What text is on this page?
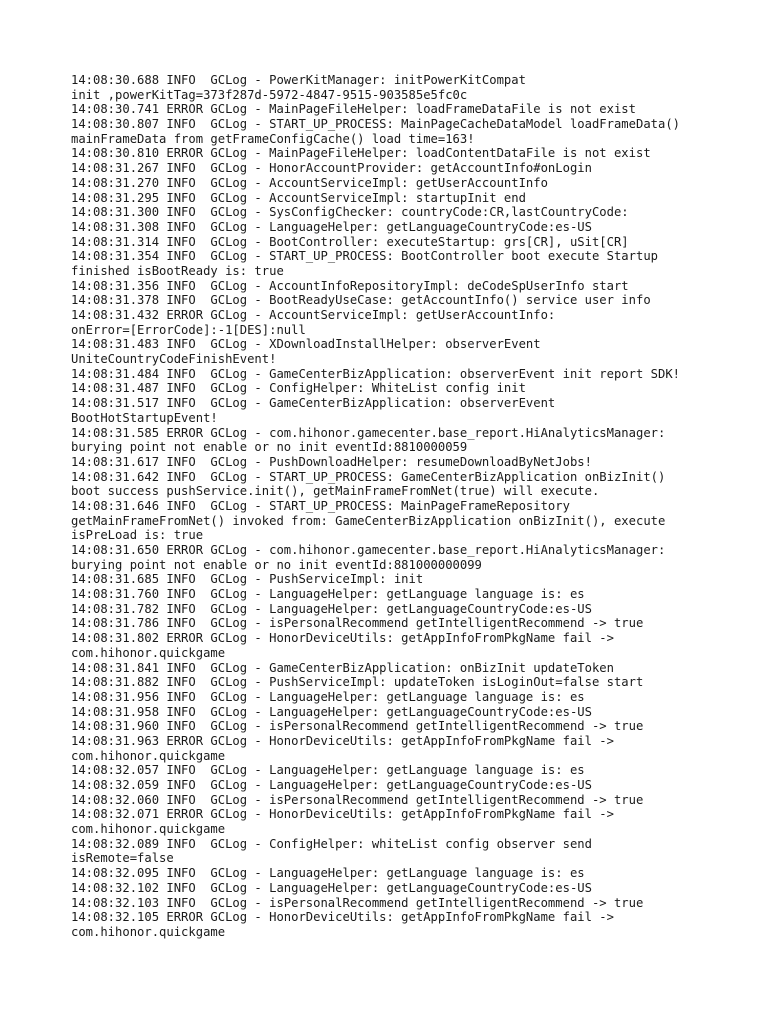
14:08:30.688 INFO  GCLog - PowerKitManager: initPowerKitCompat
init ,powerKitTag=373f287d-5972-4847-9515-903585e5fc0c
14:08:30.741 ERROR GCLog - MainPageFileHelper: loadFrameDataFile is not exist
14:08:30.807 INFO  GCLog - START_UP_PROCESS: MainPageCacheDataModel loadFrameData()
mainFrameData from getFrameConfigCache() load time=163!
14:08:30.810 ERROR GCLog - MainPageFileHelper: loadContentDataFile is not exist
14:08:31.267 INFO  GCLog - HonorAccountProvider: getAccountInfo#onLogin
14:08:31.270 INFO  GCLog - AccountServiceImpl: getUserAccountInfo
14:08:31.295 INFO  GCLog - AccountServiceImpl: startupInit end
14:08:31.300 INFO  GCLog - SysConfigChecker: countryCode:CR,lastCountryCode:
14:08:31.308 INFO  GCLog - LanguageHelper: getLanguageCountryCode:es-US
14:08:31.314 INFO  GCLog - BootController: executeStartup: grs[CR], uSit[CR]
14:08:31.354 INFO  GCLog - START_UP_PROCESS: BootController boot execute Startup
finished isBootReady is: true
14:08:31.356 INFO  GCLog - AccountInfoRepositoryImpl: deCodeSpUserInfo start
14:08:31.378 INFO  GCLog - BootReadyUseCase: getAccountInfo() service user info
14:08:31.432 ERROR GCLog - AccountServiceImpl: getUserAccountInfo:
onError=[ErrorCode]:-1[DES]:null
14:08:31.483 INFO  GCLog - XDownloadInstallHelper: observerEvent
UniteCountryCodeFinishEvent!
14:08:31.484 INFO  GCLog - GameCenterBizApplication: observerEvent init report SDK!
14:08:31.487 INFO  GCLog - ConfigHelper: WhiteList config init
14:08:31.517 INFO  GCLog - GameCenterBizApplication: observerEvent
BootHotStartupEvent!
14:08:31.585 ERROR GCLog - com.hihonor.gamecenter.base_report.HiAnalyticsManager:
burying point not enable or no init eventId:8810000059
14:08:31.617 INFO  GCLog - PushDownloadHelper: resumeDownloadByNetJobs!
14:08:31.642 INFO  GCLog - START_UP_PROCESS: GameCenterBizApplication onBizInit()
boot success pushService.init(), getMainFrameFromNet(true) will execute.
14:08:31.646 INFO  GCLog - START_UP_PROCESS: MainPageFrameRepository
getMainFrameFromNet() invoked from: GameCenterBizApplication onBizInit(), execute
isPreLoad is: true
14:08:31.650 ERROR GCLog - com.hihonor.gamecenter.base_report.HiAnalyticsManager:
burying point not enable or no init eventId:881000000099
14:08:31.685 INFO  GCLog - PushServiceImpl: init
14:08:31.760 INFO  GCLog - LanguageHelper: getLanguage language is: es
14:08:31.782 INFO  GCLog - LanguageHelper: getLanguageCountryCode:es-US
14:08:31.786 INFO  GCLog - isPersonalRecommend getIntelligentRecommend -> true
14:08:31.802 ERROR GCLog - HonorDeviceUtils: getAppInfoFromPkgName fail ->
com.hihonor.quickgame
14:08:31.841 INFO  GCLog - GameCenterBizApplication: onBizInit updateToken
14:08:31.882 INFO  GCLog - PushServiceImpl: updateToken isLoginOut=false start
14:08:31.956 INFO  GCLog - LanguageHelper: getLanguage language is: es
14:08:31.958 INFO  GCLog - LanguageHelper: getLanguageCountryCode:es-US
14:08:31.960 INFO  GCLog - isPersonalRecommend getIntelligentRecommend -> true
14:08:31.963 ERROR GCLog - HonorDeviceUtils: getAppInfoFromPkgName fail ->
com.hihonor.quickgame
14:08:32.057 INFO  GCLog - LanguageHelper: getLanguage language is: es
14:08:32.059 INFO  GCLog - LanguageHelper: getLanguageCountryCode:es-US
14:08:32.060 INFO  GCLog - isPersonalRecommend getIntelligentRecommend -> true
14:08:32.071 ERROR GCLog - HonorDeviceUtils: getAppInfoFromPkgName fail ->
com.hihonor.quickgame
14:08:32.089 INFO  GCLog - ConfigHelper: whiteList config observer send
isRemote=false
14:08:32.095 INFO  GCLog - LanguageHelper: getLanguage language is: es
14:08:32.102 INFO  GCLog - LanguageHelper: getLanguageCountryCode:es-US
14:08:32.103 INFO  GCLog - isPersonalRecommend getIntelligentRecommend -> true
14:08:32.105 ERROR GCLog - HonorDeviceUtils: getAppInfoFromPkgName fail ->
com.hihonor.quickgame
